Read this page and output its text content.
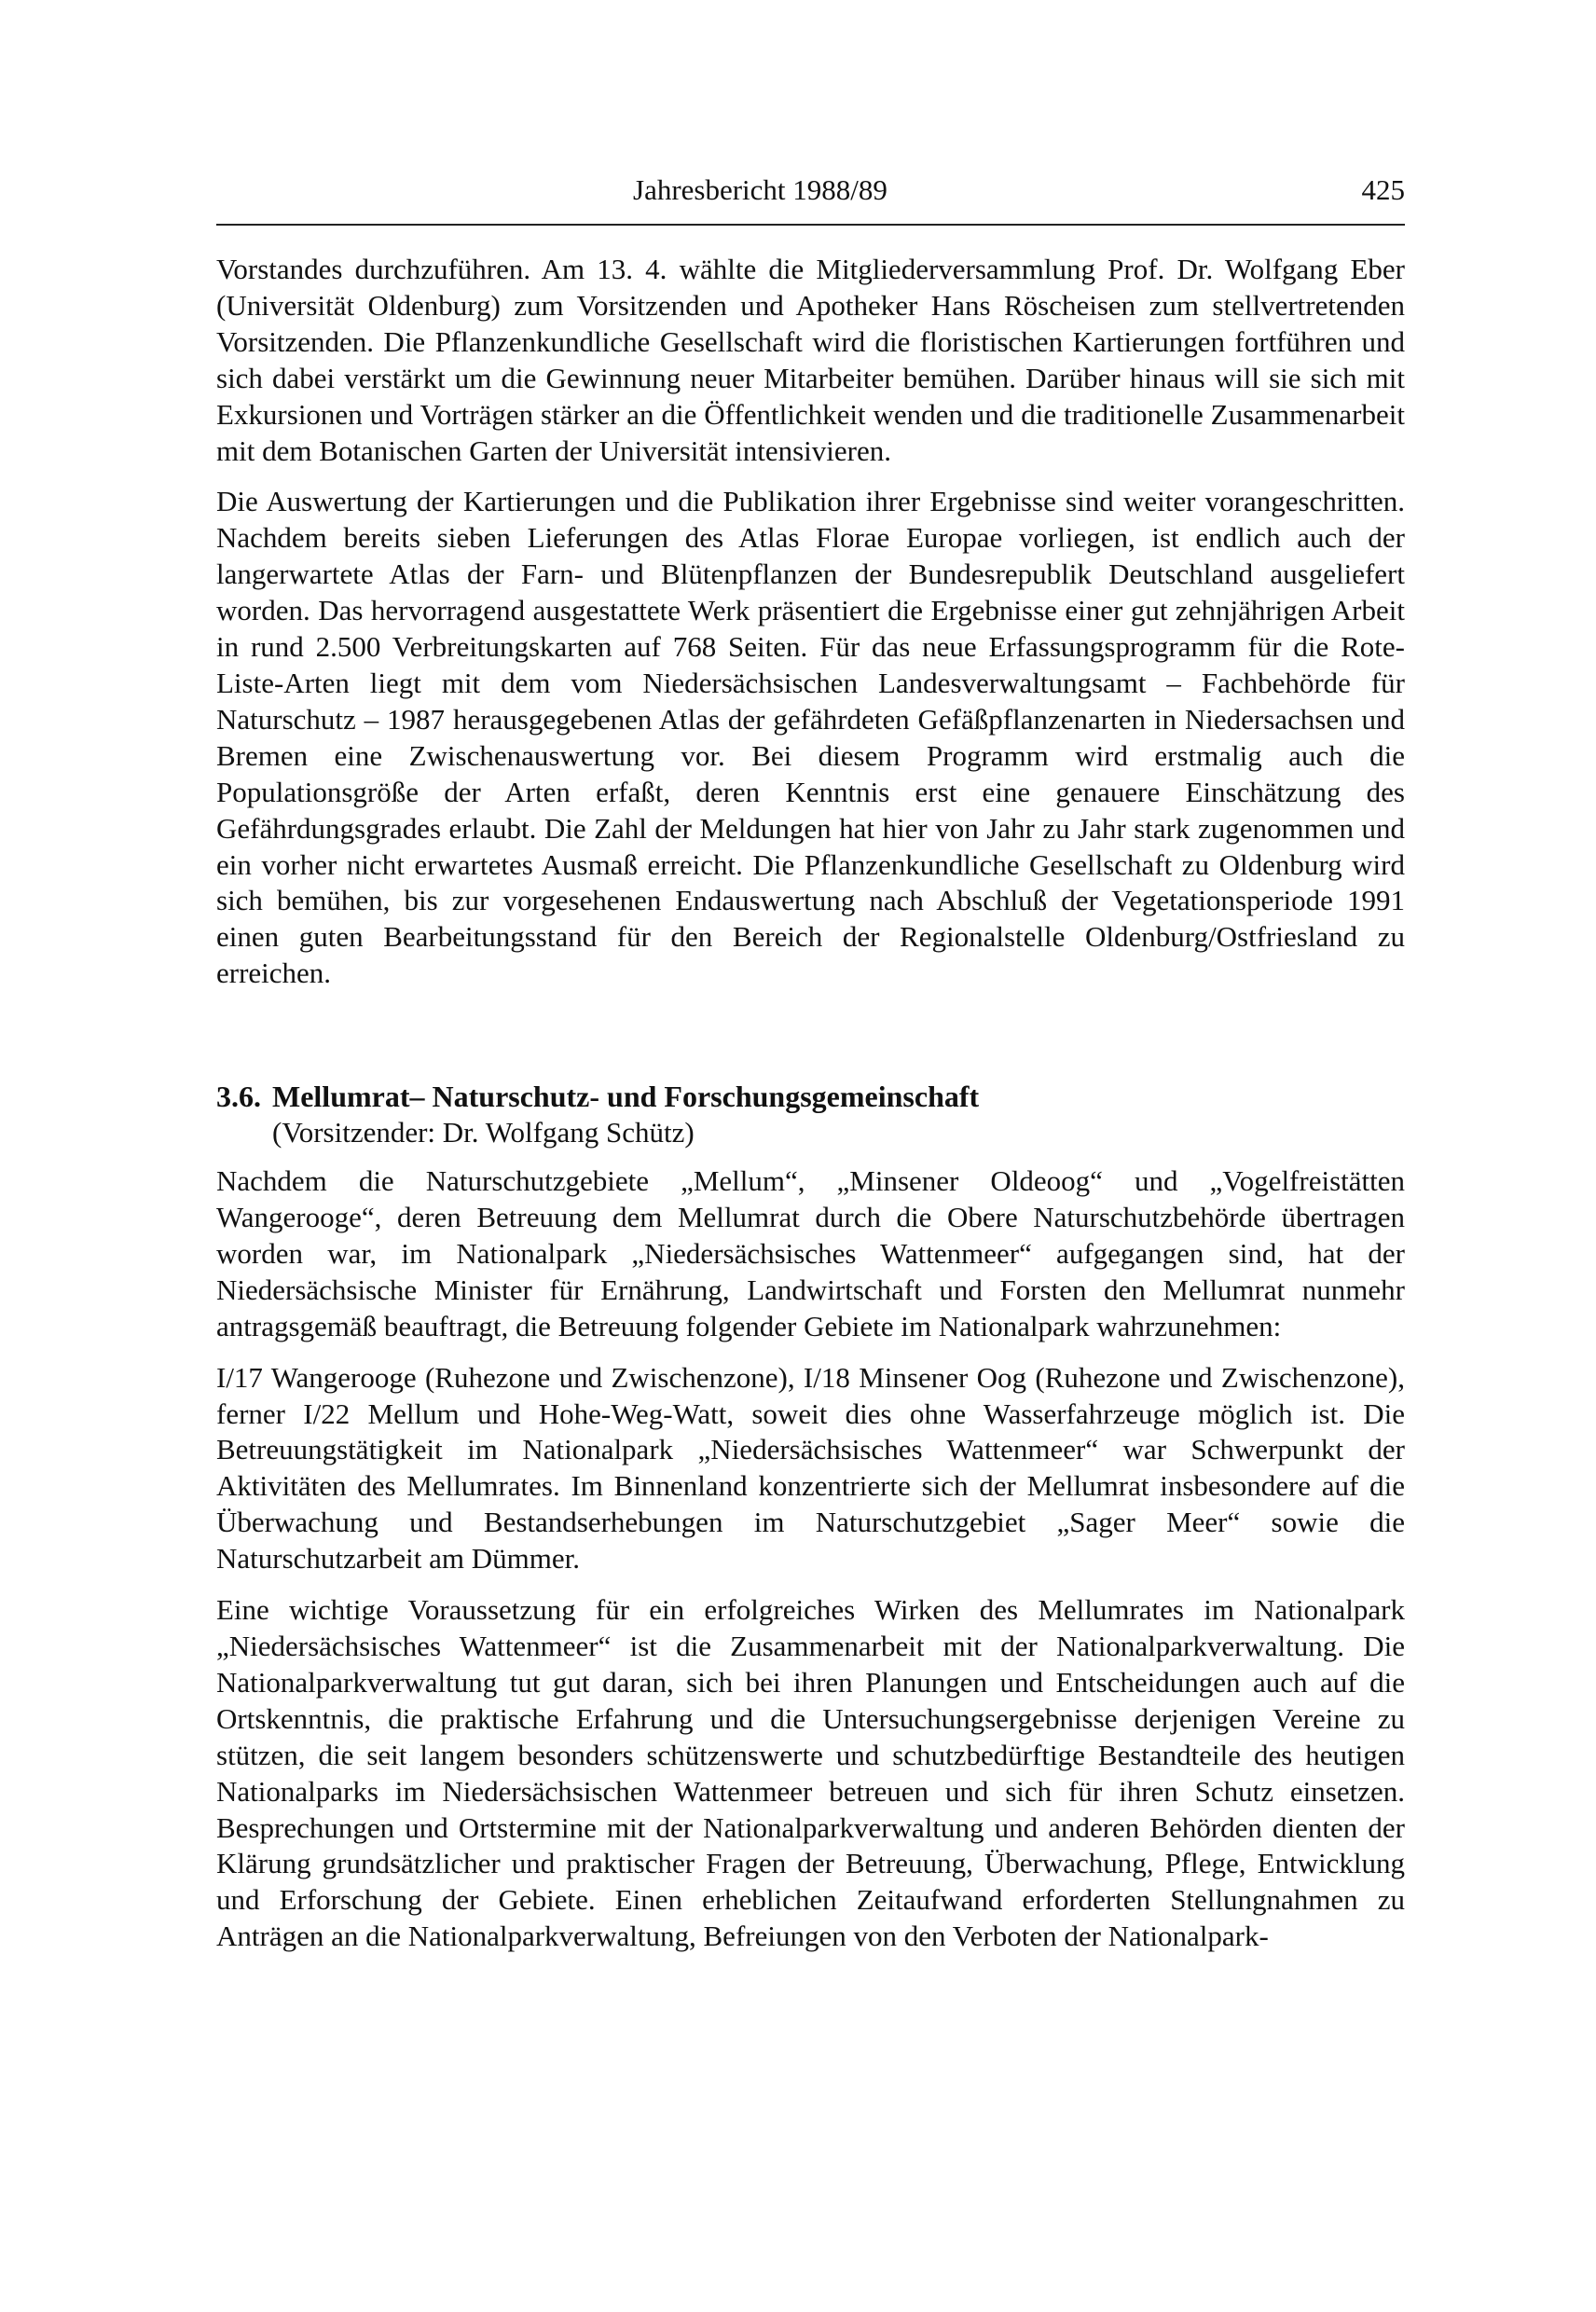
Jahresbericht 1988/89	425

Vorstandes durchzuführen. Am 13. 4. wählte die Mitgliederversammlung Prof. Dr. Wolfgang Eber (Universität Oldenburg) zum Vorsitzenden und Apotheker Hans Röscheisen zum stellvertretenden Vorsitzenden. Die Pflanzenkundliche Gesellschaft wird die floristischen Kartierungen fortführen und sich dabei verstärkt um die Gewinnung neuer Mitarbeiter bemühen. Darüber hinaus will sie sich mit Exkursionen und Vorträgen stärker an die Öffentlichkeit wenden und die traditionelle Zusammenarbeit mit dem Botanischen Garten der Universität intensivieren.

Die Auswertung der Kartierungen und die Publikation ihrer Ergebnisse sind weiter vorangeschritten. Nachdem bereits sieben Lieferungen des Atlas Florae Europae vorliegen, ist endlich auch der langerwartete Atlas der Farn- und Blütenpflanzen der Bundesrepublik Deutschland ausgeliefert worden. Das hervorragend ausgestattete Werk präsentiert die Ergebnisse einer gut zehnjährigen Arbeit in rund 2.500 Verbreitungskarten auf 768 Seiten. Für das neue Erfassungsprogramm für die Rote-Liste-Arten liegt mit dem vom Niedersächsischen Landesverwaltungsamt – Fachbehörde für Naturschutz – 1987 herausgegebenen Atlas der gefährdeten Gefäßpflanzenarten in Niedersachsen und Bremen eine Zwischenauswertung vor. Bei diesem Programm wird erstmalig auch die Populationsgröße der Arten erfaßt, deren Kenntnis erst eine genauere Einschätzung des Gefährdungsgrades erlaubt. Die Zahl der Meldungen hat hier von Jahr zu Jahr stark zugenommen und ein vorher nicht erwartetes Ausmaß erreicht. Die Pflanzenkundliche Gesellschaft zu Oldenburg wird sich bemühen, bis zur vorgesehenen Endauswertung nach Abschluß der Vegetationsperiode 1991 einen guten Bearbeitungsstand für den Bereich der Regionalstelle Oldenburg/Ostfriesland zu erreichen.

3.6. Mellumrat– Naturschutz- und Forschungsgemeinschaft
(Vorsitzender: Dr. Wolfgang Schütz)

Nachdem die Naturschutzgebiete „Mellum“, „Minsener Oldeoog“ und „Vogelfreistätten Wangerooge“, deren Betreuung dem Mellumrat durch die Obere Naturschutzbehörde übertragen worden war, im Nationalpark „Niedersächsisches Wattenmeer“ aufgegangen sind, hat der Niedersächsische Minister für Ernährung, Landwirtschaft und Forsten den Mellumrat nunmehr antragsgemäß beauftragt, die Betreuung folgender Gebiete im Nationalpark wahrzunehmen:

I/17 Wangerooge (Ruhezone und Zwischenzone), I/18 Minsener Oog (Ruhezone und Zwischenzone), ferner I/22 Mellum und Hohe-Weg-Watt, soweit dies ohne Wasserfahrzeuge möglich ist. Die Betreuungstätigkeit im Nationalpark „Niedersächsisches Wattenmeer“ war Schwerpunkt der Aktivitäten des Mellumrates. Im Binnenland konzentrierte sich der Mellumrat insbesondere auf die Überwachung und Bestandserhebungen im Naturschutzgebiet „Sager Meer“ sowie die Naturschutzarbeit am Dümmer.

Eine wichtige Voraussetzung für ein erfolgreiches Wirken des Mellumrates im Nationalpark „Niedersächsisches Wattenmeer“ ist die Zusammenarbeit mit der Nationalparkverwaltung. Die Nationalparkverwaltung tut gut daran, sich bei ihren Planungen und Entscheidungen auch auf die Ortskenntnis, die praktische Erfahrung und die Untersuchungsergebnisse derjenigen Vereine zu stützen, die seit langem besonders schützenswerte und schutzbedürftige Bestandteile des heutigen Nationalparks im Niedersächsischen Wattenmeer betreuen und sich für ihren Schutz einsetzen. Besprechungen und Ortstermine mit der Nationalparkverwaltung und anderen Behörden dienten der Klärung grundsätzlicher und praktischer Fragen der Betreuung, Überwachung, Pflege, Entwicklung und Erforschung der Gebiete. Einen erheblichen Zeitaufwand erforderten Stellungnahmen zu Anträgen an die Nationalparkverwaltung, Befreiungen von den Verboten der Nationalpark-
